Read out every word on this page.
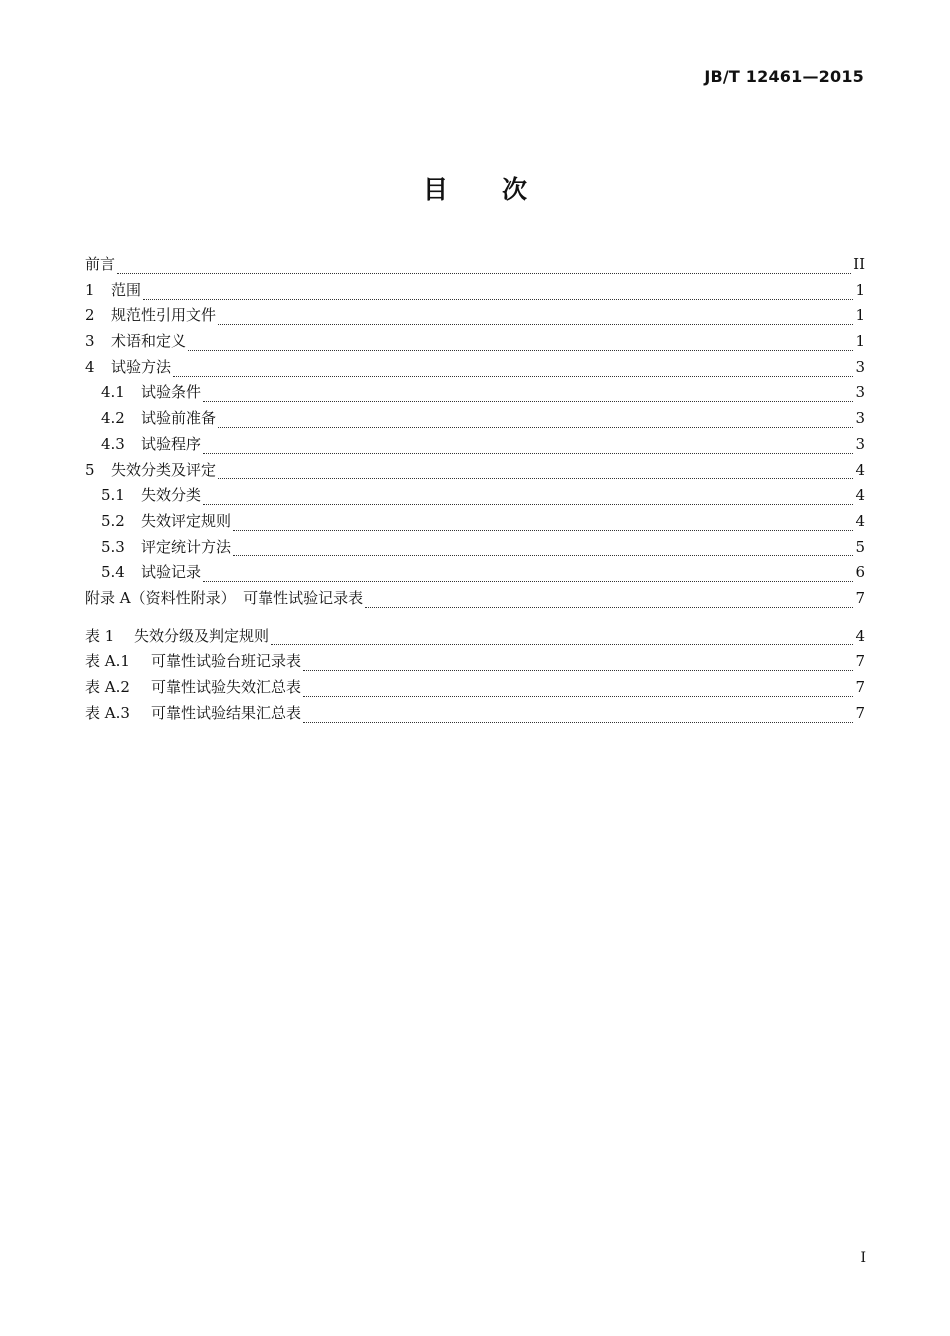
JB/T 12461—2015
目次
前言	II
1	范围	1
2	规范性引用文件	1
3	术语和定义	1
4	试验方法	3
4.1	试验条件	3
4.2	试验前准备	3
4.3	试验程序	3
5	失效分类及评定	4
5.1	失效分类	4
5.2	失效评定规则	4
5.3	评定统计方法	5
5.4	试验记录	6
附录 A（资料性附录）　可靠性试验记录表	7
表 1	失效分级及判定规则	4
表 A.1	可靠性试验台班记录表	7
表 A.2	可靠性试验失效汇总表	7
表 A.3	可靠性试验结果汇总表	7
I
